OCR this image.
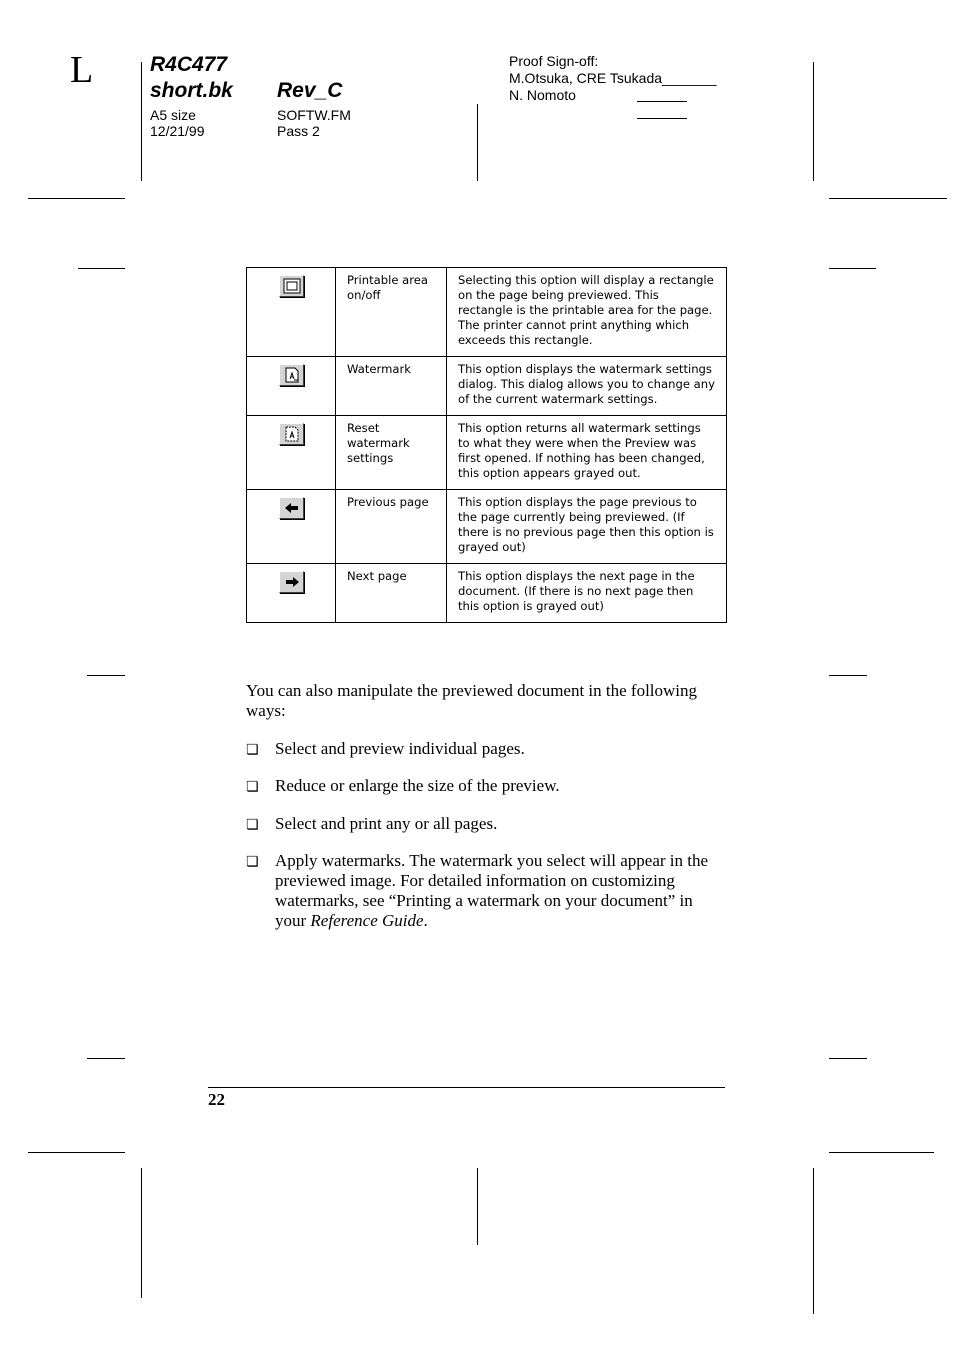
L	R4C477
short.bk Rev_C
A5 size
12/21/99
SOFTW.FM
Pass 2
Proof Sign-off:
M.Otsuka, CRE Tsukada_______
N. Nomoto
	Printable area on/off	Selecting this option will display a rectangle on the page being previewed. This rectangle is the printable area for the page. The printer cannot print anything which exceeds this rectangle.

	Watermark	This option displays the watermark settings dialog. This dialog allows you to change any of the current watermark settings.

	Reset watermark settings	This option returns all watermark settings to what they were when the Preview was first opened. If nothing has been changed, this option appears grayed out.

	Previous page	This option displays the page previous to the page currently being previewed. (If there is no previous page then this option is grayed out)

	Next page	This option displays the next page in the document. (If there is no next page then this option is grayed out)
You can also manipulate the previewed document in the following ways:
❏ Select and preview individual pages.
❏ Reduce or enlarge the size of the preview.
❏ Select and print any or all pages.
❏ Apply watermarks. The watermark you select will appear in the previewed image. For detailed information on customizing watermarks, see “Printing a watermark on your document” in your Reference Guide.
22
